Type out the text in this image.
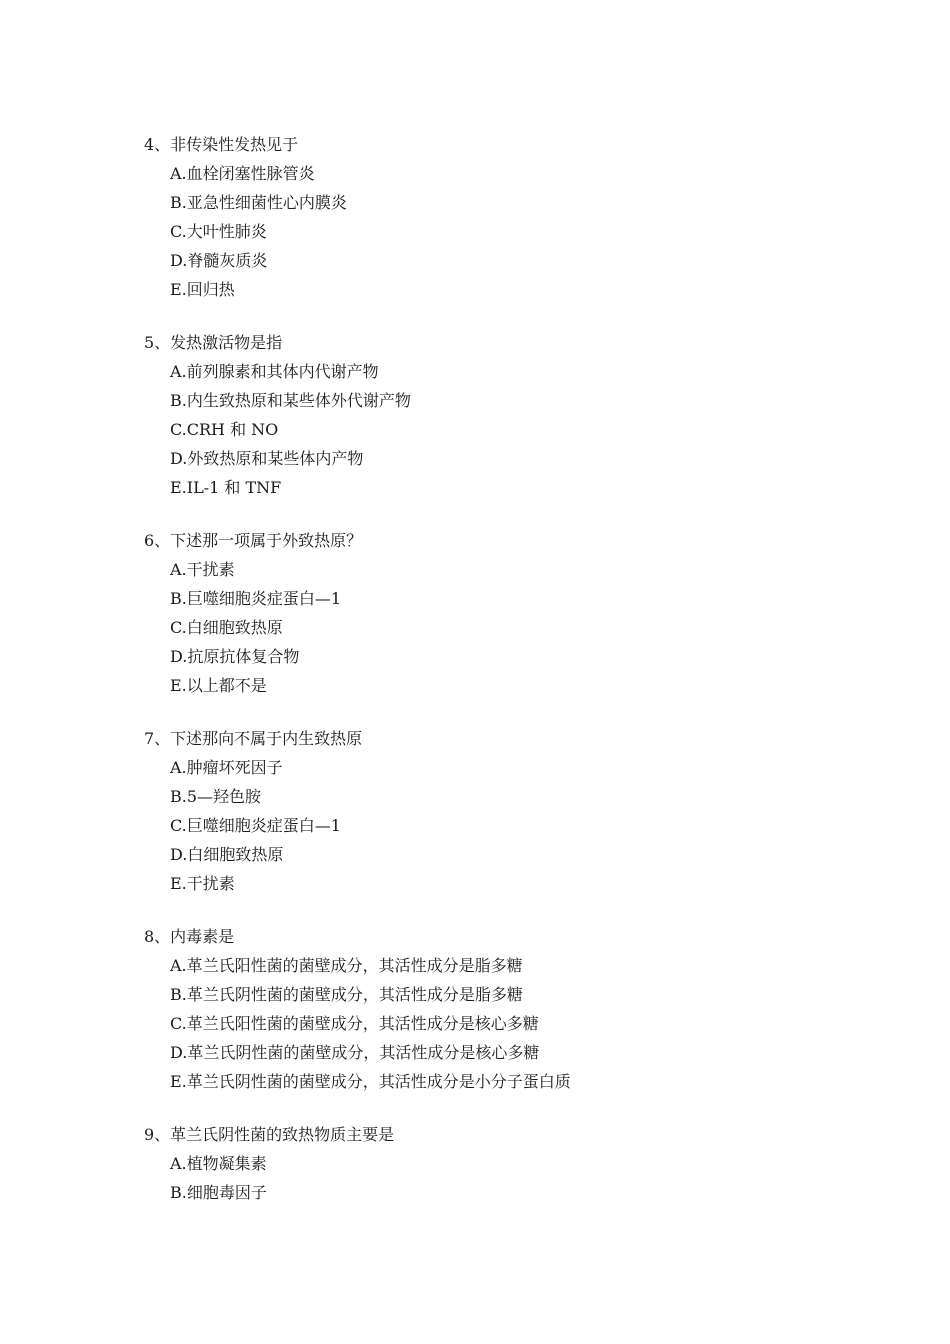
4、非传染性发热见于
A.血栓闭塞性脉管炎
B.亚急性细菌性心内膜炎
C.大叶性肺炎
D.脊髓灰质炎
E.回归热
5、发热激活物是指
A.前列腺素和其体内代谢产物
B.内生致热原和某些体外代谢产物
C.CRH 和 NO
D.外致热原和某些体内产物
E.IL-1 和 TNF
6、下述那一项属于外致热原？
A.干扰素
B.巨噬细胞炎症蛋白—1
C.白细胞致热原
D.抗原抗体复合物
E.以上都不是
7、下述那向不属于内生致热原
A.肿瘤坏死因子
B.5—羟色胺
C.巨噬细胞炎症蛋白—1
D.白细胞致热原
E.干扰素
8、内毒素是
A.革兰氏阳性菌的菌壁成分，其活性成分是脂多糖
B.革兰氏阴性菌的菌壁成分，其活性成分是脂多糖
C.革兰氏阳性菌的菌壁成分，其活性成分是核心多糖
D.革兰氏阴性菌的菌壁成分，其活性成分是核心多糖
E.革兰氏阴性菌的菌壁成分，其活性成分是小分子蛋白质
9、革兰氏阴性菌的致热物质主要是
A.植物凝集素
B.细胞毒因子
